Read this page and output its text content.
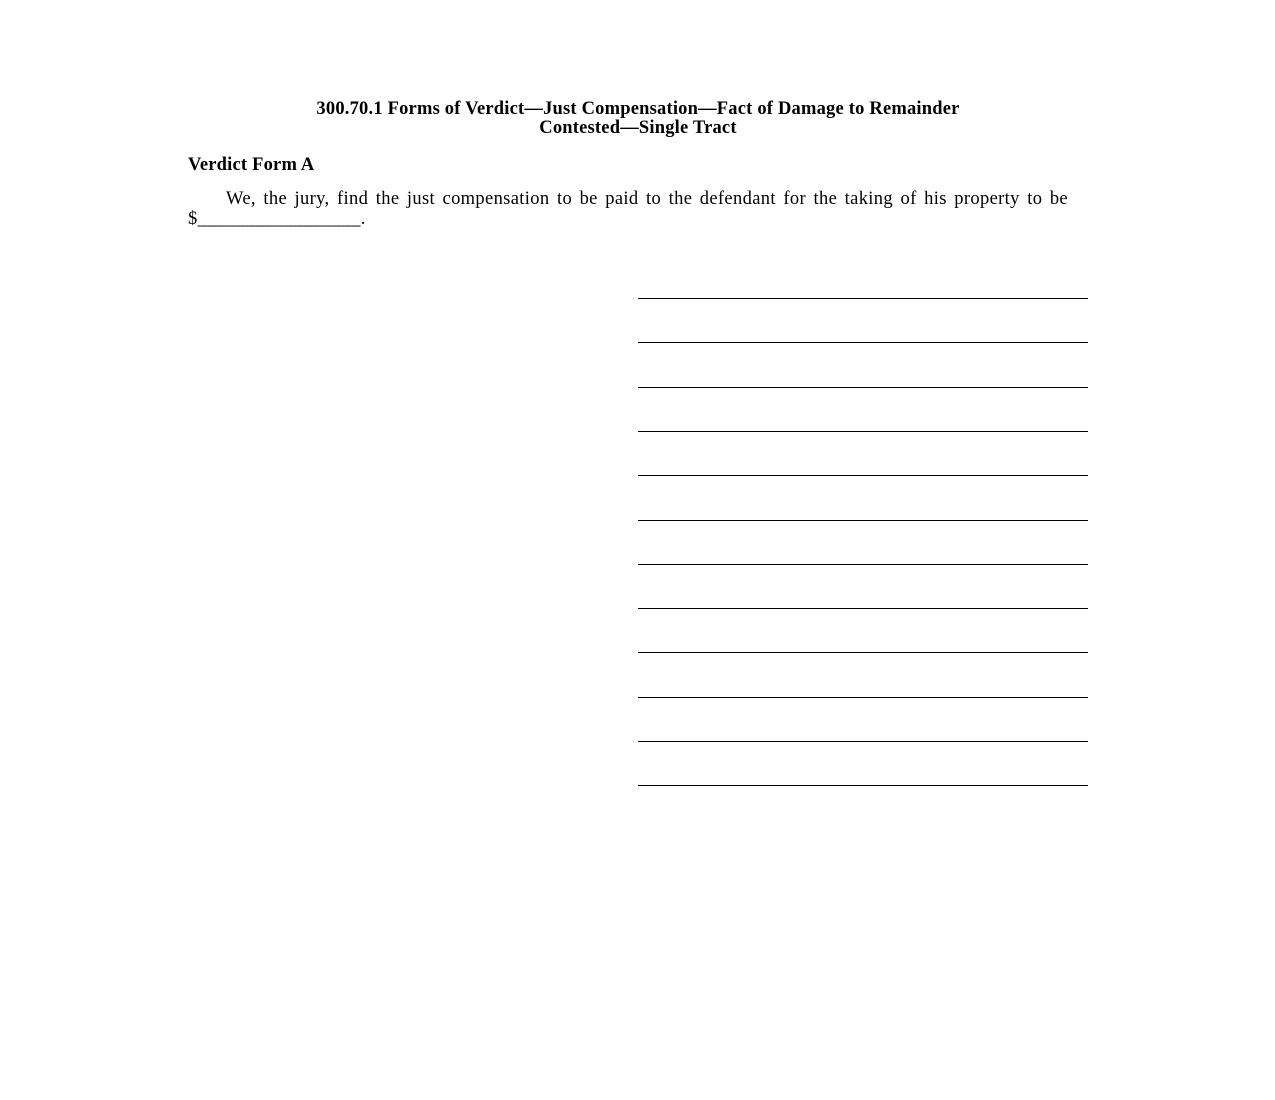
300.70.1 Forms of Verdict—Just Compensation—Fact of Damage to Remainder
Contested—Single Tract
Verdict Form A

We, the jury, find the just compensation to be paid to the defendant for the taking of his property to be $_________________.
